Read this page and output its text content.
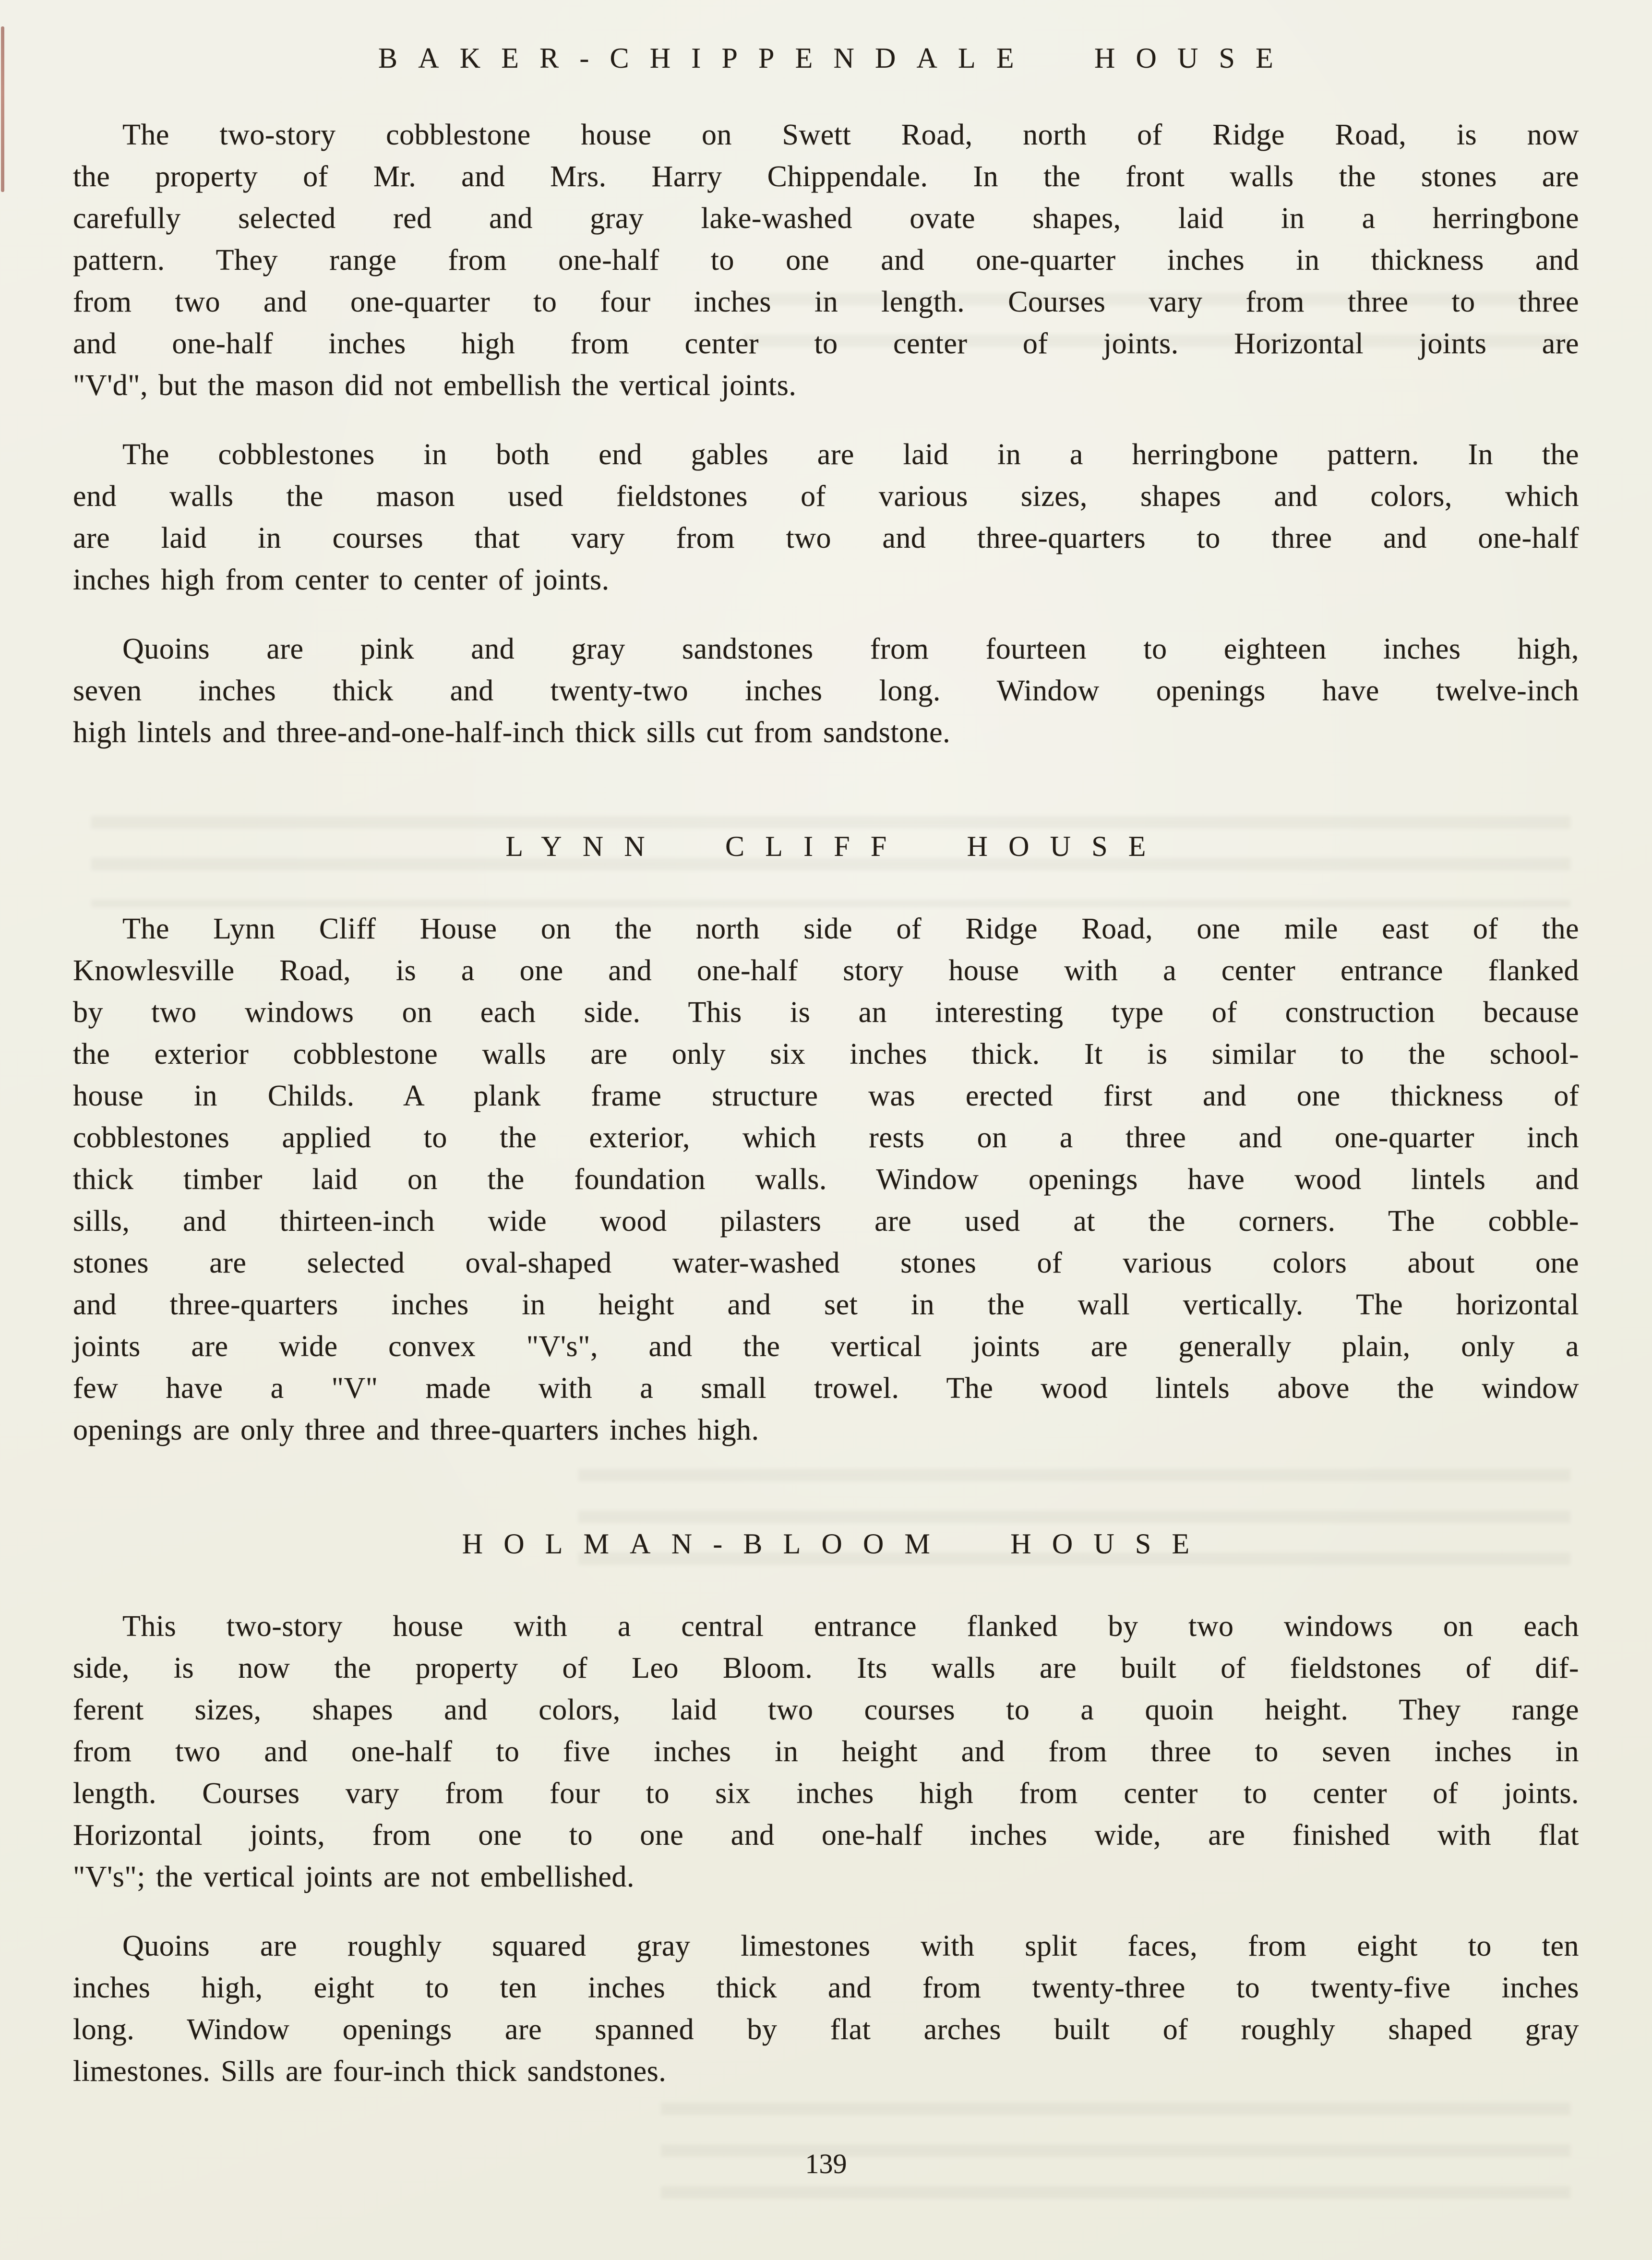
BAKER-CHIPPENDALE HOUSE
The two-story cobblestone house on Swett Road, north of Ridge Road, is now
the property of Mr. and Mrs. Harry Chippendale. In the front walls the stones are
carefully selected red and gray lake-washed ovate shapes, laid in a herringbone
pattern. They range from one-half to one and one-quarter inches in thickness and
from two and one-quarter to four inches in length. Courses vary from three to three
and one-half inches high from center to center of joints. Horizontal joints are
"V'd", but the mason did not embellish the vertical joints.
The cobblestones in both end gables are laid in a herringbone pattern. In the
end walls the mason used fieldstones of various sizes, shapes and colors, which
are laid in courses that vary from two and three-quarters to three and one-half
inches high from center to center of joints.
Quoins are pink and gray sandstones from fourteen to eighteen inches high,
seven inches thick and twenty-two inches long. Window openings have twelve-inch
high lintels and three-and-one-half-inch thick sills cut from sandstone.
LYNN CLIFF HOUSE
The Lynn Cliff House on the north side of Ridge Road, one mile east of the
Knowlesville Road, is a one and one-half story house with a center entrance flanked
by two windows on each side. This is an interesting type of construction because
the exterior cobblestone walls are only six inches thick. It is similar to the school-
house in Childs. A plank frame structure was erected first and one thickness of
cobblestones applied to the exterior, which rests on a three and one-quarter inch
thick timber laid on the foundation walls. Window openings have wood lintels and
sills, and thirteen-inch wide wood pilasters are used at the corners. The cobble-
stones are selected oval-shaped water-washed stones of various colors about one
and three-quarters inches in height and set in the wall vertically. The horizontal
joints are wide convex "V's", and the vertical joints are generally plain, only a
few have a "V" made with a small trowel. The wood lintels above the window
openings are only three and three-quarters inches high.
HOLMAN-BLOOM HOUSE
This two-story house with a central entrance flanked by two windows on each
side, is now the property of Leo Bloom. Its walls are built of fieldstones of dif-
ferent sizes, shapes and colors, laid two courses to a quoin height. They range
from two and one-half to five inches in height and from three to seven inches in
length. Courses vary from four to six inches high from center to center of joints.
Horizontal joints, from one to one and one-half inches wide, are finished with flat
"V's"; the vertical joints are not embellished.
Quoins are roughly squared gray limestones with split faces, from eight to ten
inches high, eight to ten inches thick and from twenty-three to twenty-five inches
long. Window openings are spanned by flat arches built of roughly shaped gray
limestones. Sills are four-inch thick sandstones.
139
